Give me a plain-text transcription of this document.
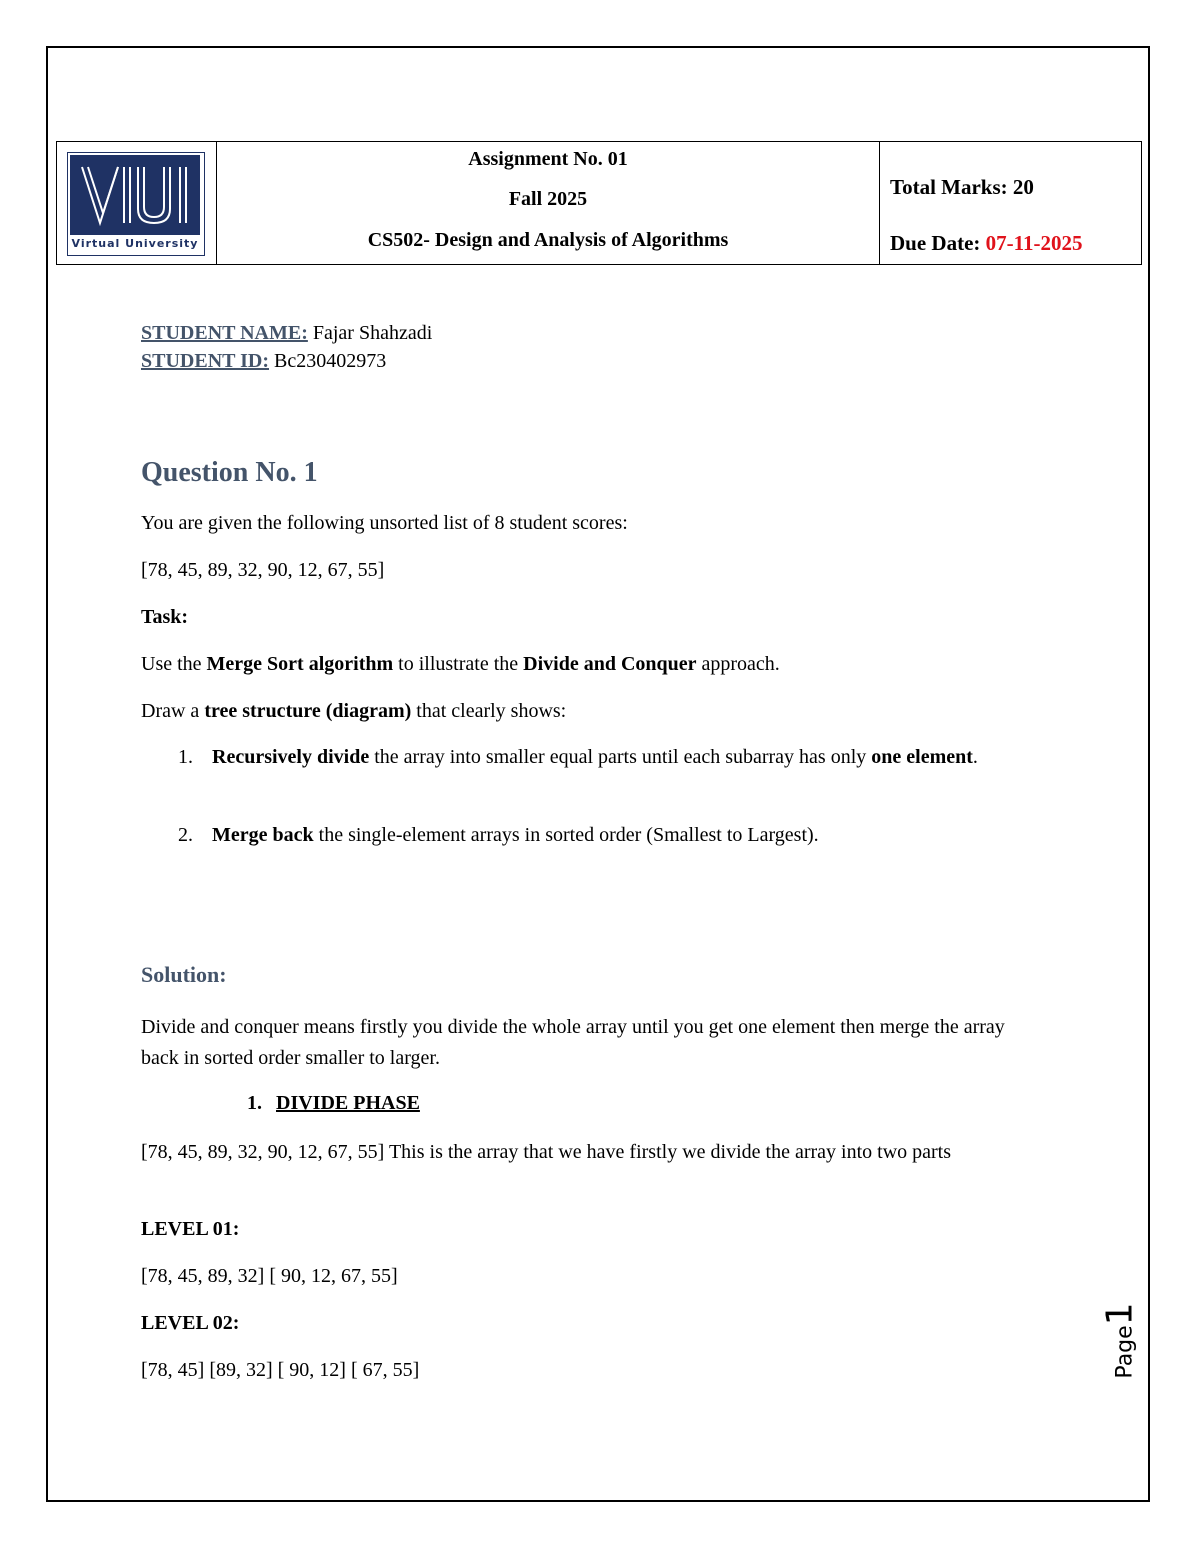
Virtual University
Assignment No. 01
Fall 2025
CS502- Design and Analysis of Algorithms
Total Marks: 20
Due Date: 07-11-2025
STUDENT NAME: Fajar Shahzadi
STUDENT ID: Bc230402973
Question No. 1
You are given the following unsorted list of 8 student scores:
[78, 45, 89, 32, 90, 12, 67, 55]
Task:
Use the Merge Sort algorithm to illustrate the Divide and Conquer approach.
Draw a tree structure (diagram) that clearly shows:
1. Recursively divide the array into smaller equal parts until each subarray has only one element.
2. Merge back the single-element arrays in sorted order (Smallest to Largest).
Solution:
Divide and conquer means firstly you divide the whole array until you get one element then merge the array back in sorted order smaller to larger.
1. DIVIDE PHASE
[78, 45, 89, 32, 90, 12, 67, 55] This is the array that we have firstly we divide the array into two parts
LEVEL 01:
[78, 45, 89, 32] [ 90, 12, 67, 55]
LEVEL 02:
[78, 45] [89, 32] [ 90, 12] [ 67, 55]	Page1
